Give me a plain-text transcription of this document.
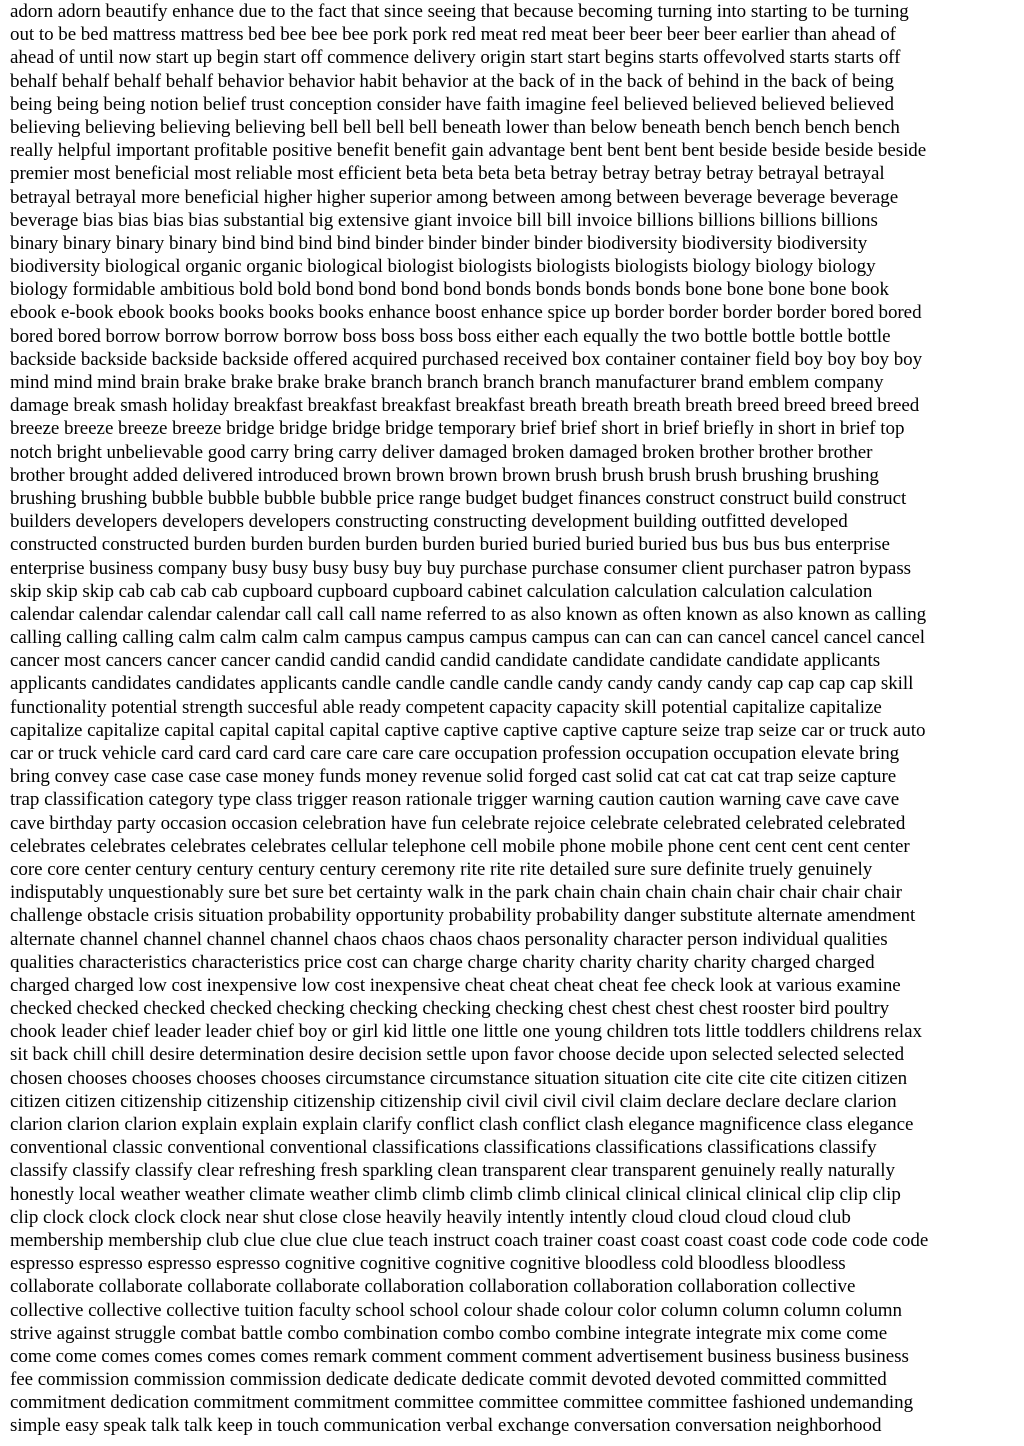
adorn adorn beautify enhance due to the fact that since seeing that because becoming turning into starting to be turning
out to be bed mattress mattress bed bee bee bee pork pork red meat red meat beer beer beer beer earlier than ahead of
ahead of until now start up begin start off commence delivery origin start start begins starts offevolved starts starts off
behalf behalf behalf behalf behavior behavior habit behavior at the back of in the back of behind in the back of being
being being being notion belief trust conception consider have faith imagine feel believed believed believed believed
believing believing believing believing bell bell bell bell beneath lower than below beneath bench bench bench bench
really helpful important profitable positive benefit benefit gain advantage bent bent bent bent beside beside beside beside
premier most beneficial most reliable most efficient beta beta beta beta betray betray betray betray betrayal betrayal
betrayal betrayal more beneficial higher higher superior among between among between beverage beverage beverage
beverage bias bias bias bias substantial big extensive giant invoice bill bill invoice billions billions billions billions
binary binary binary binary bind bind bind bind binder binder binder binder biodiversity biodiversity biodiversity
biodiversity biological organic organic biological biologist biologists biologists biologists biology biology biology
biology formidable ambitious bold bold bond bond bond bond bonds bonds bonds bonds bone bone bone bone book
ebook e-book ebook books books books books enhance boost enhance spice up border border border border bored bored
bored bored borrow borrow borrow borrow boss boss boss boss either each equally the two bottle bottle bottle bottle
backside backside backside backside offered acquired purchased received box container container field boy boy boy boy
mind mind mind brain brake brake brake brake branch branch branch branch manufacturer brand emblem company
damage break smash holiday breakfast breakfast breakfast breakfast breath breath breath breath breed breed breed breed
breeze breeze breeze breeze bridge bridge bridge bridge temporary brief brief short in brief briefly in short in brief top
notch bright unbelievable good carry bring carry deliver damaged broken damaged broken brother brother brother
brother brought added delivered introduced brown brown brown brown brush brush brush brush brushing brushing
brushing brushing bubble bubble bubble bubble price range budget budget finances construct construct build construct
builders developers developers developers constructing constructing development building outfitted developed
constructed constructed burden burden burden burden burden buried buried buried buried bus bus bus bus enterprise
enterprise business company busy busy busy busy buy buy purchase purchase consumer client purchaser patron bypass
skip skip skip cab cab cab cab cupboard cupboard cupboard cabinet calculation calculation calculation calculation
calendar calendar calendar calendar call call call name referred to as also known as often known as also known as calling
calling calling calling calm calm calm calm campus campus campus campus can can can can cancel cancel cancel cancel
cancer most cancers cancer cancer candid candid candid candid candidate candidate candidate candidate applicants
applicants candidates candidates applicants candle candle candle candle candy candy candy candy cap cap cap cap skill
functionality potential strength succesful able ready competent capacity capacity skill potential capitalize capitalize
capitalize capitalize capital capital capital capital captive captive captive captive capture seize trap seize car or truck auto
car or truck vehicle card card card card care care care care occupation profession occupation occupation elevate bring
bring convey case case case case money funds money revenue solid forged cast solid cat cat cat cat trap seize capture
trap classification category type class trigger reason rationale trigger warning caution caution warning cave cave cave
cave birthday party occasion occasion celebration have fun celebrate rejoice celebrate celebrated celebrated celebrated
celebrates celebrates celebrates celebrates cellular telephone cell mobile phone mobile phone cent cent cent cent center
core core center century century century century ceremony rite rite rite detailed sure sure definite truely genuinely
indisputably unquestionably sure bet sure bet certainty walk in the park chain chain chain chain chair chair chair chair
challenge obstacle crisis situation probability opportunity probability probability danger substitute alternate amendment
alternate channel channel channel channel chaos chaos chaos chaos personality character person individual qualities
qualities characteristics characteristics price cost can charge charge charity charity charity charity charged charged
charged charged low cost inexpensive low cost inexpensive cheat cheat cheat cheat fee check look at various examine
checked checked checked checked checking checking checking checking chest chest chest chest rooster bird poultry
chook leader chief leader leader chief boy or girl kid little one little one young children tots little toddlers childrens relax
sit back chill chill desire determination desire decision settle upon favor choose decide upon selected selected selected
chosen chooses chooses chooses chooses circumstance circumstance situation situation cite cite cite cite citizen citizen
citizen citizen citizenship citizenship citizenship citizenship civil civil civil civil claim declare declare declare clarion
clarion clarion clarion explain explain explain clarify conflict clash conflict clash elegance magnificence class elegance
conventional classic conventional conventional classifications classifications classifications classifications classify
classify classify classify clear refreshing fresh sparkling clean transparent clear transparent genuinely really naturally
honestly local weather weather climate weather climb climb climb climb clinical clinical clinical clinical clip clip clip
clip clock clock clock clock near shut close close heavily heavily intently intently cloud cloud cloud cloud club
membership membership club clue clue clue clue teach instruct coach trainer coast coast coast coast code code code code
espresso espresso espresso espresso cognitive cognitive cognitive cognitive bloodless cold bloodless bloodless
collaborate collaborate collaborate collaborate collaboration collaboration collaboration collaboration collective
collective collective collective tuition faculty school school colour shade colour color column column column column
strive against struggle combat battle combo combination combo combo combine integrate integrate mix come come
come come comes comes comes comes remark comment comment comment advertisement business business business
fee commission commission commission dedicate dedicate dedicate commit devoted devoted committed committed
commitment dedication commitment commitment committee committee committee committee fashioned undemanding
simple easy speak talk talk keep in touch communication verbal exchange conversation conversation neighborhood
